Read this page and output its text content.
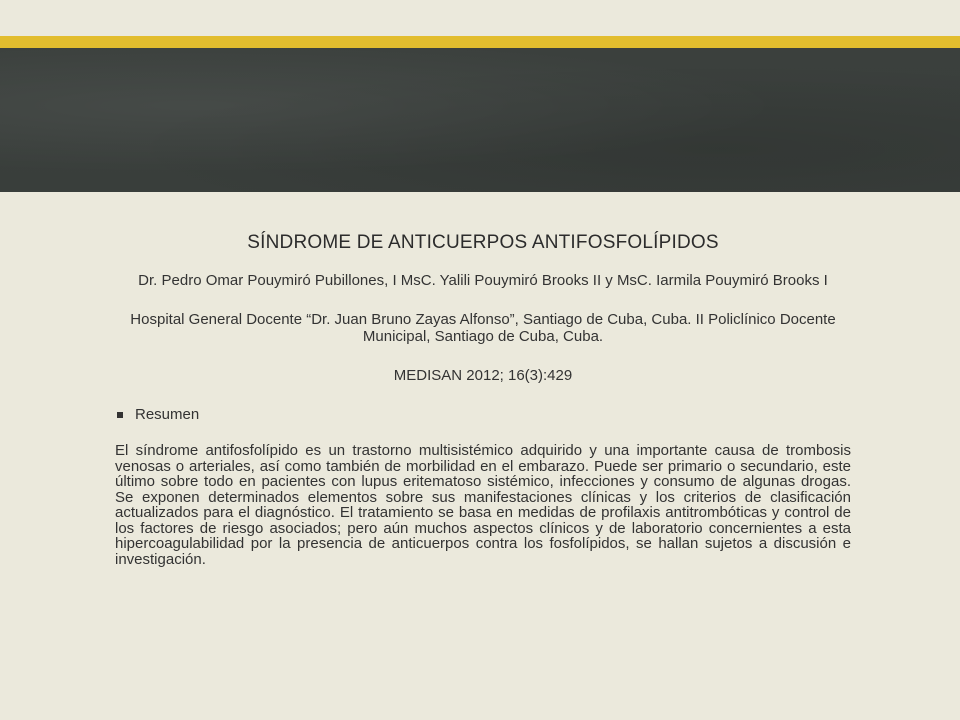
SÍNDROME DE ANTICUERPOS ANTIFOSFOLÍPIDOS
Dr. Pedro Omar Pouymiró Pubillones, I MsC. Yalili Pouymiró Brooks II y MsC. Iarmila Pouymiró Brooks I
Hospital General Docente “Dr. Juan Bruno Zayas Alfonso”, Santiago de Cuba, Cuba. II Policlínico Docente Municipal, Santiago de Cuba, Cuba.
MEDISAN 2012; 16(3):429
Resumen
El síndrome antifosfolípido es un trastorno multisistémico adquirido y una importante causa de trombosis venosas o arteriales, así como también de morbilidad en el embarazo. Puede ser primario o secundario, este último sobre todo en pacientes con lupus eritematoso sistémico, infecciones y consumo de algunas drogas. Se exponen determinados elementos sobre sus manifestaciones clínicas y los criterios de clasificación actualizados para el diagnóstico. El tratamiento se basa en medidas de profilaxis antitrombóticas y control de los factores de riesgo asociados; pero aún muchos aspectos clínicos y de laboratorio concernientes a esta hipercoagulabilidad por la presencia de anticuerpos contra los fosfolípidos, se hallan sujetos a discusión e investigación.
